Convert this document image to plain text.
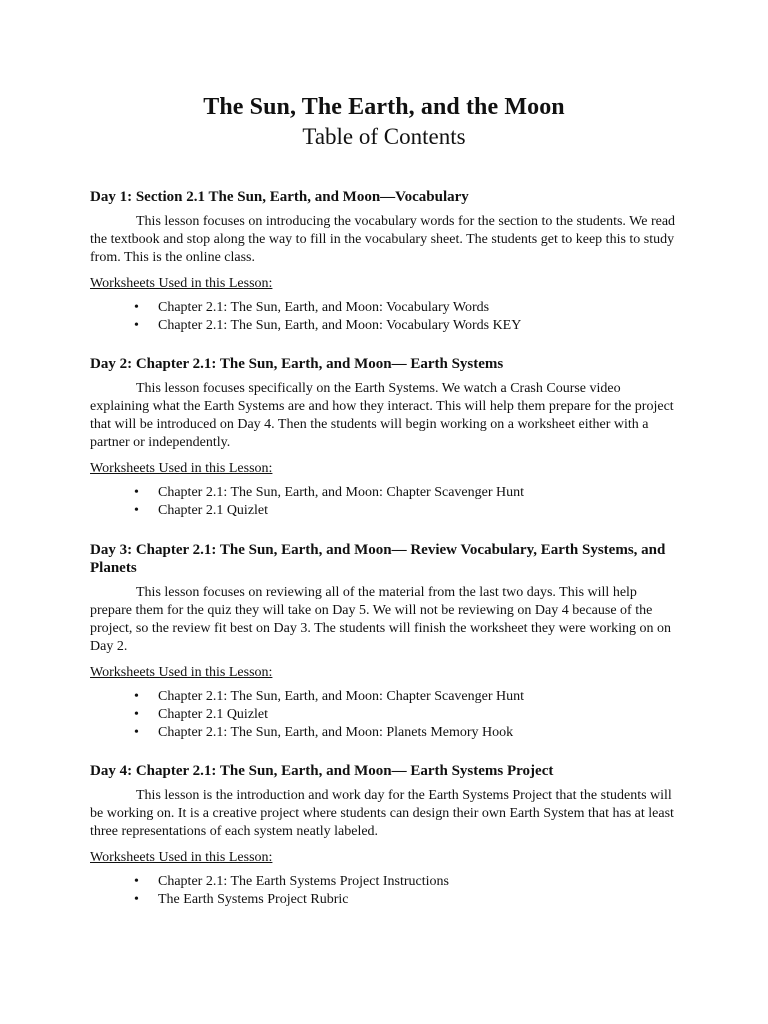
The Sun, The Earth, and the Moon
Table of Contents

Day 1: Section 2.1 The Sun, Earth, and Moon—Vocabulary

This lesson focuses on introducing the vocabulary words for the section to the students. We read the textbook and stop along the way to fill in the vocabulary sheet. The students get to keep this to study from. This is the online class.

Worksheets Used in this Lesson:

• Chapter 2.1: The Sun, Earth, and Moon: Vocabulary Words
• Chapter 2.1: The Sun, Earth, and Moon: Vocabulary Words KEY

Day 2: Chapter 2.1: The Sun, Earth, and Moon— Earth Systems

This lesson focuses specifically on the Earth Systems. We watch a Crash Course video explaining what the Earth Systems are and how they interact. This will help them prepare for the project that will be introduced on Day 4. Then the students will begin working on a worksheet either with a partner or independently.

Worksheets Used in this Lesson:

• Chapter 2.1: The Sun, Earth, and Moon: Chapter Scavenger Hunt
• Chapter 2.1 Quizlet

Day 3: Chapter 2.1: The Sun, Earth, and Moon— Review Vocabulary, Earth Systems, and Planets

This lesson focuses on reviewing all of the material from the last two days. This will help prepare them for the quiz they will take on Day 5. We will not be reviewing on Day 4 because of the project, so the review fit best on Day 3. The students will finish the worksheet they were working on on Day 2.

Worksheets Used in this Lesson:

• Chapter 2.1: The Sun, Earth, and Moon: Chapter Scavenger Hunt
• Chapter 2.1 Quizlet
• Chapter 2.1: The Sun, Earth, and Moon: Planets Memory Hook

Day 4: Chapter 2.1: The Sun, Earth, and Moon— Earth Systems Project

This lesson is the introduction and work day for the Earth Systems Project that the students will be working on. It is a creative project where students can design their own Earth System that has at least three representations of each system neatly labeled.

Worksheets Used in this Lesson:

• Chapter 2.1: The Earth Systems Project Instructions
• The Earth Systems Project Rubric
